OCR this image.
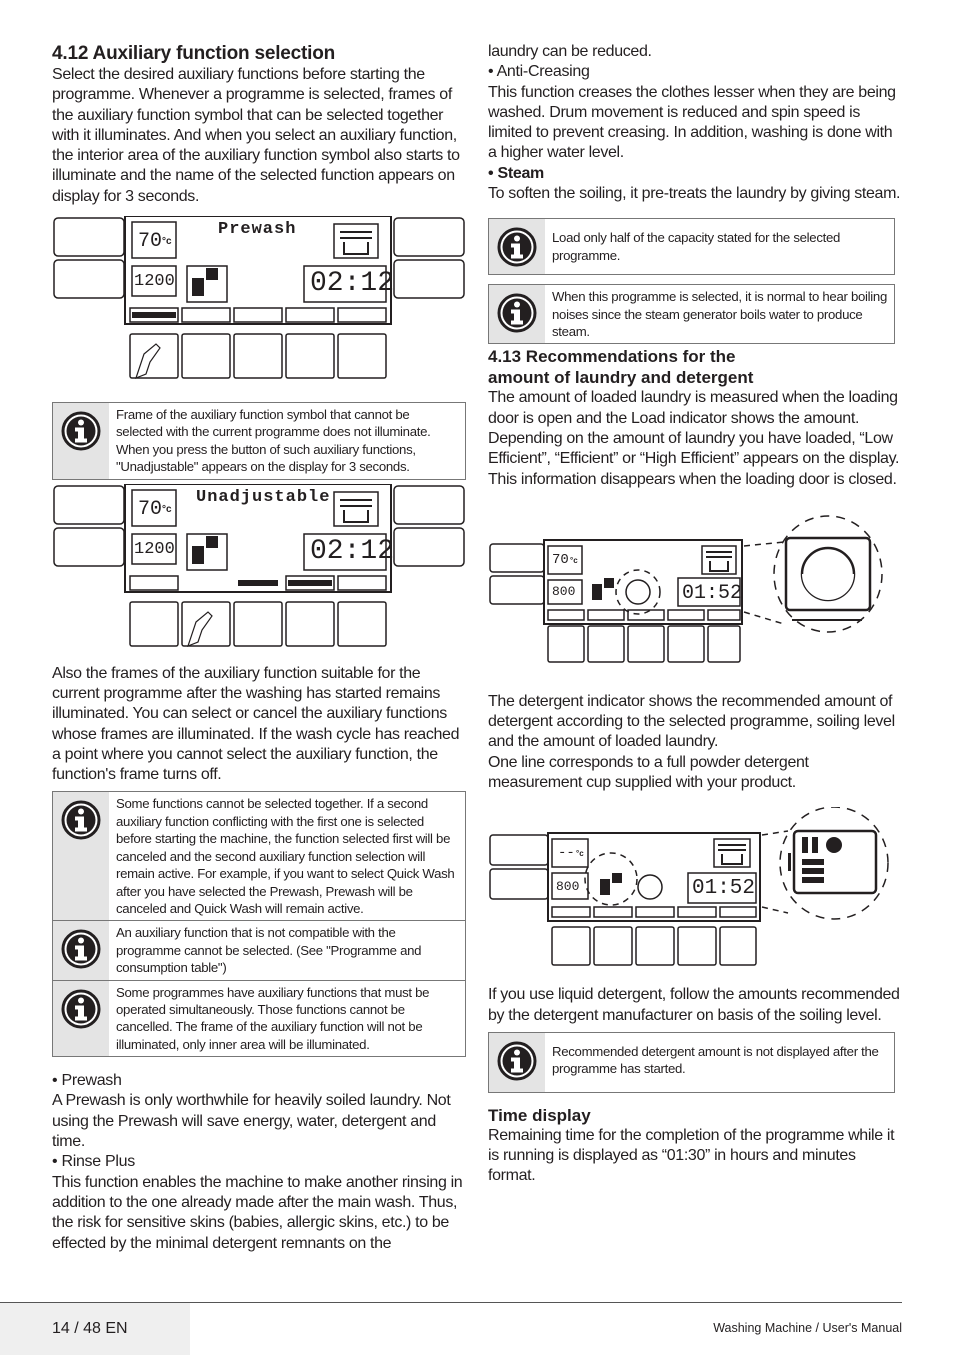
4.12 Auxiliary function selection

Select the desired auxiliary functions before starting the programme. Whenever a programme is selected, frames of the auxiliary function symbol that can be selected together with it illuminates. And when you select an auxiliary function, the interior area of the auxiliary function symbol also starts to illuminate and the name of the selected function appears on display for 3 seconds.

70 °c
Prewash
1200	02:12
Frame of the auxiliary function symbol that cannot be selected with the current programme does not illuminate. When you press the button of such auxiliary functions, "Unadjustable" appears on the display for 3 seconds.
70 °c
Unadjustable
1200	02:12

Also the frames of the auxiliary function suitable for the current programme after the washing has started remains illuminated. You can select or cancel the auxiliary functions whose frames are illuminated. If the wash cycle has reached a point where you cannot select the auxiliary function, the function's frame turns off.

Some functions cannot be selected together. If a second auxiliary function conflicting with the first one is selected before starting the machine, the function selected first will be canceled and the second auxiliary function selection will remain active. For example, if you want to select Quick Wash after you have selected the Prewash, Prewash will be canceled and Quick Wash will remain active.
An auxiliary function that is not compatible with the programme cannot be selected. (See "Programme and consumption table")
Some programmes have auxiliary functions that must be operated simultaneously. Those functions cannot be cancelled. The frame of the auxiliary function will not be illuminated, only inner area will be illuminated.

• Prewash

A Prewash is only worthwhile for heavily soiled laundry. Not using the Prewash will save energy, water, detergent and time.

• Rinse Plus

This function enables the machine to make another rinsing in addition to the one already made after the main wash. Thus, the risk for sensitive skins (babies, allergic skins, etc.) to be effected by the minimal detergent remnants on the

laundry can be reduced.

• Anti-Creasing

This function creases the clothes lesser when they are being washed. Drum movement is reduced and spin speed is limited to prevent creasing. In addition, washing is done with a higher water level.

• Steam

To soften the soiling, it pre-treats the laundry by giving steam.

Load only half of the capacity stated for the selected programme.
When this programme is selected, it is normal to hear boiling noises since the steam generator boils water to produce steam.
4.13 Recommendations for the
amount of laundry and detergent

The amount of loaded laundry is measured when the loading door is open and the Load indicator shows the amount. Depending on the amount of laundry you have loaded, “Low Efficient”, “Efficient” or “High Efficient” appears on the display.

This information disappears when the loading door is closed.

70 °c
800	01:52

The detergent indicator shows the recommended amount of detergent according to the selected programme, soiling level and the amount of loaded laundry.

One line corresponds to a full powder detergent measurement cup supplied with your product.

-- °c
800	01:52

If you use liquid detergent, follow the amounts recommended by the detergent manufacturer on basis of the soiling level.

Recommended detergent amount is not displayed after the programme has started.
Time display

Remaining time for the completion of the programme while it is running is displayed as “01:30” in hours and minutes format.

14 / 48 EN	Washing Machine / User's Manual
